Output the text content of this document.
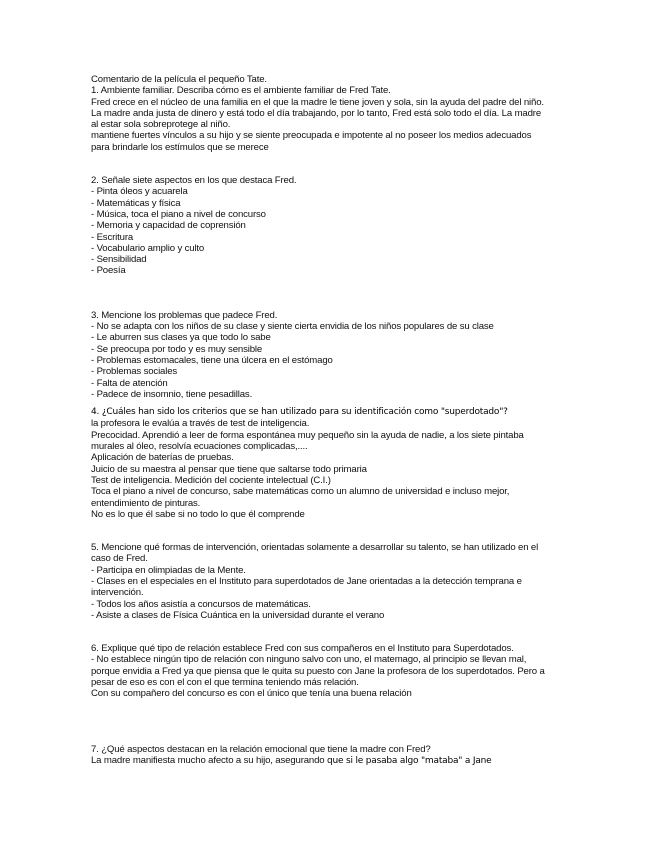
Comentario de la película el pequeño Tate.

1. Ambiente familiar. Describa cómo es el ambiente familiar de Fred Tate.

Fred crece en el núcleo de una familia en el que la madre le tiene joven y sola, sin la ayuda del padre del niño.

La madre anda justa de dinero y está todo el día trabajando, por lo tanto, Fred está solo todo el día. La madre

al estar sola sobreprotege al niño.

mantiene fuertes vínculos a su hijo y se siente preocupada e impotente al no poseer los medios adecuados

para brindarle los estímulos que se merece

2. Señale siete aspectos en los que destaca Fred.

- Pinta óleos y acuarela
- Matemáticas y física
- Música, toca el piano a nivel de concurso
- Memoria y capacidad de coprensión
- Escritura
- Vocabulario amplio y culto
- Sensibilidad
- Poesía

3. Mencione los problemas que padece Fred.

- No se adapta con los niños de su clase y siente cierta envidia de los niños populares de su clase
- Le aburren sus clases ya que todo lo sabe
- Se preocupa por todo y es muy sensible
- Problemas estomacales, tiene una úlcera en el estómago
- Problemas sociales
- Falta de atención
- Padece de insomnio, tiene pesadillas.

4. ¿Cuáles han sido los criterios que se han utilizado para su identificación como "superdotado"?

la profesora le evalúa a través de test de inteligencia.

Precocidad. Aprendió a leer de forma espontánea muy pequeño sin la ayuda de nadie, a los siete pintaba

murales al óleo, resolvía ecuaciones complicadas,....

Aplicación de baterías de pruebas.

Juicio de su maestra al pensar que tiene que saltarse todo primaria

Test de inteligencia. Medición del cociente intelectual (C.I.)

Toca el piano a nivel de concurso, sabe matemáticas como un alumno de universidad e incluso mejor,

entendimiento de pinturas.

No es lo que él sabe si no todo lo que él comprende

5. Mencione qué formas de intervención, orientadas solamente a desarrollar su talento, se han utilizado en el

caso de Fred.

- Participa en olimpiadas de la Mente.

- Clases en el especiales en el Instituto para superdotados de Jane orientadas a la detección temprana e

intervención.

- Todos los años asistía a concursos de matemáticas.

- Asiste a clases de Física Cuántica en la universidad durante el verano

6. Explique qué tipo de relación establece Fred con sus compañeros en el Instituto para Superdotados.

- No establece ningún tipo de relación con ninguno salvo con uno, el matemago, al principio se llevan mal,

porque envidia a Fred ya que piensa que le quita su puesto con Jane la profesora de los superdotados. Pero a

pesar de eso es con el con el que termina teniendo más relación.

Con su compañero del concurso es con el único que tenía una buena relación

7. ¿Qué aspectos destacan en la relación emocional que tiene la madre con Fred?

La madre manifiesta mucho afecto a su hijo, asegurando que si le pasaba algo "mataba" a Jane
